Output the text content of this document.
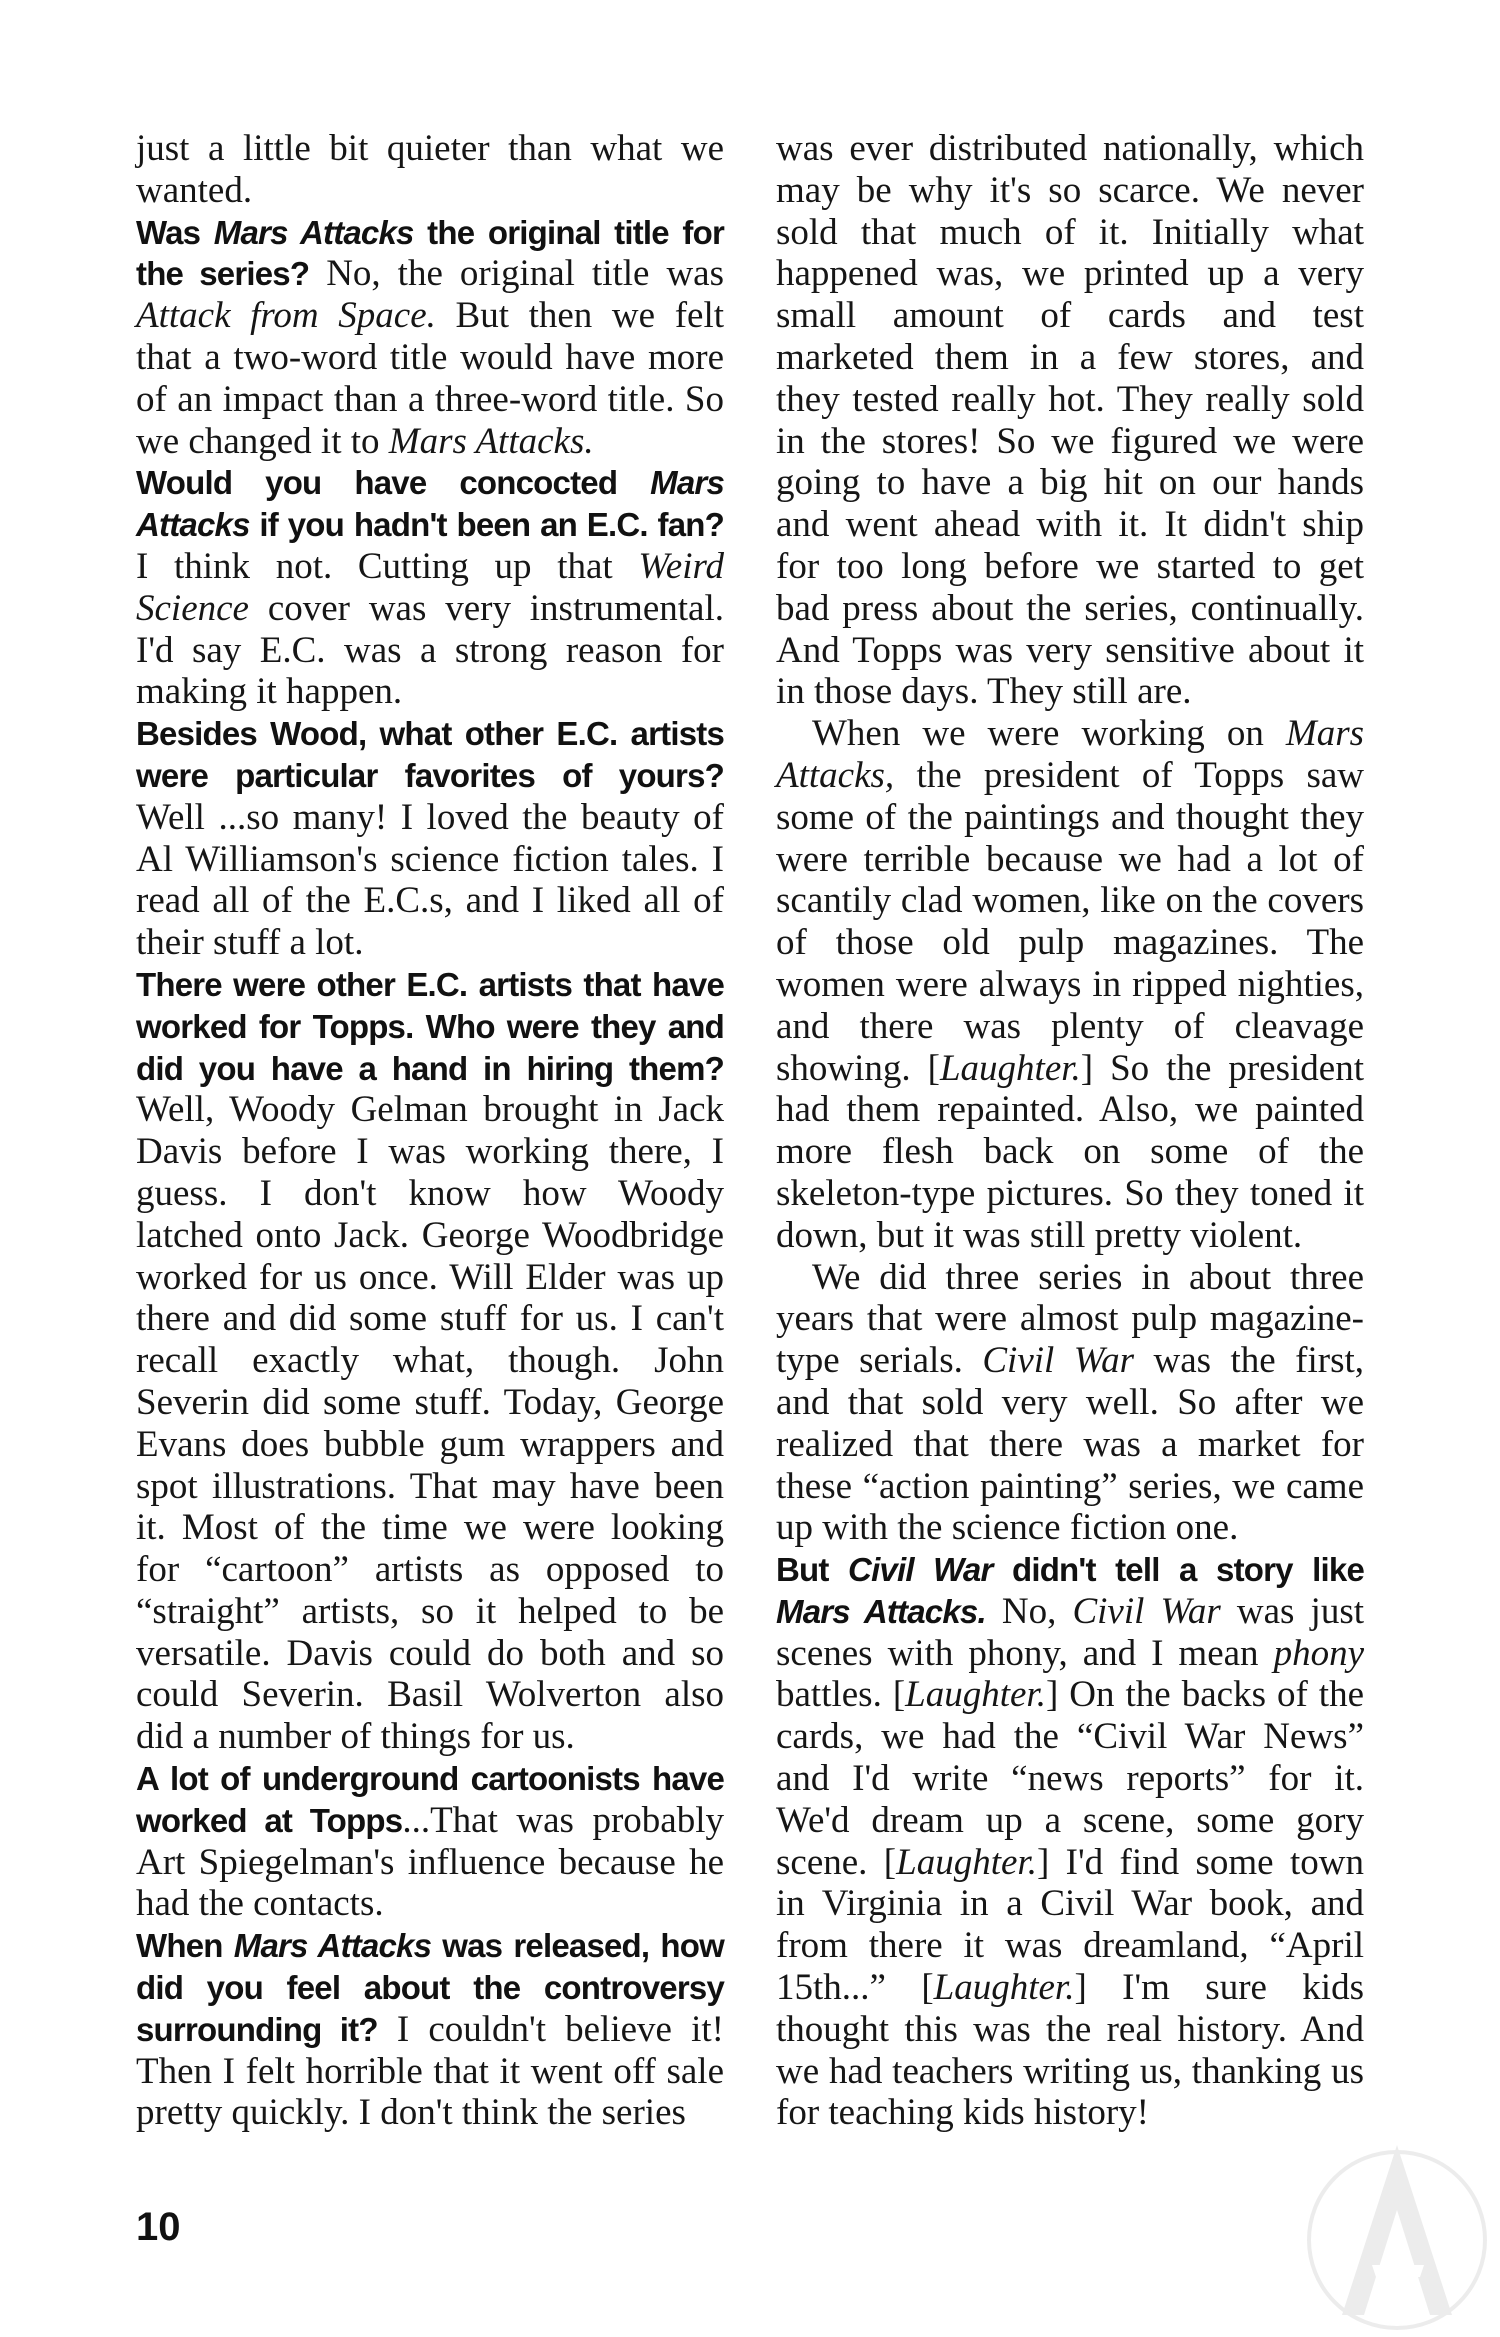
just a little bit quieter than what we wanted.

Was Mars Attacks the original title for the series? No, the original title was Attack from Space. But then we felt that a two-word title would have more of an impact than a three-word title. So we changed it to Mars Attacks.

Would you have concocted Mars Attacks if you hadn't been an E.C. fan? I think not. Cutting up that Weird Science cover was very instrumental. I'd say E.C. was a strong reason for making it happen.

Besides Wood, what other E.C. artists were particular favorites of yours? Well ...so many! I loved the beauty of Al Williamson's science fiction tales. I read all of the E.C.s, and I liked all of their stuff a lot.

There were other E.C. artists that have worked for Topps. Who were they and did you have a hand in hiring them? Well, Woody Gelman brought in Jack Davis before I was working there, I guess. I don't know how Woody latched onto Jack. George Woodbridge worked for us once. Will Elder was up there and did some stuff for us. I can't recall exactly what, though. John Severin did some stuff. Today, George Evans does bubble gum wrappers and spot illustrations. That may have been it. Most of the time we were looking for “cartoon” artists as opposed to “straight” artists, so it helped to be versatile. Davis could do both and so could Severin. Basil Wolverton also did a number of things for us.

A lot of underground cartoonists have worked at Topps...That was probably Art Spiegelman's influence because he had the contacts.

When Mars Attacks was released, how did you feel about the controversy surrounding it? I couldn't believe it! Then I felt horrible that it went off sale pretty quickly. I don't think the series

was ever distributed nationally, which may be why it's so scarce. We never sold that much of it. Initially what happened was, we printed up a very small amount of cards and test marketed them in a few stores, and they tested really hot. They really sold in the stores! So we figured we were going to have a big hit on our hands and went ahead with it. It didn't ship for too long before we started to get bad press about the series, continually. And Topps was very sensitive about it in those days. They still are.

When we were working on Mars Attacks, the president of Topps saw some of the paintings and thought they were terrible because we had a lot of scantily clad women, like on the covers of those old pulp magazines. The women were always in ripped nighties, and there was plenty of cleavage showing. [Laughter.] So the president had them repainted. Also, we painted more flesh back on some of the skeleton-type pictures. So they toned it down, but it was still pretty violent.

We did three series in about three years that were almost pulp magazine-type serials. Civil War was the first, and that sold very well. So after we realized that there was a market for these “action painting” series, we came up with the science fiction one.

But Civil War didn't tell a story like Mars Attacks. No, Civil War was just scenes with phony, and I mean phony battles. [Laughter.] On the backs of the cards, we had the “Civil War News” and I'd write “news reports” for it. We'd dream up a scene, some gory scene. [Laughter.] I'd find some town in Virginia in a Civil War book, and from there it was dreamland, “April 15th...” [Laughter.] I'm sure kids thought this was the real history. And we had teachers writing us, thanking us for teaching kids history!

10
